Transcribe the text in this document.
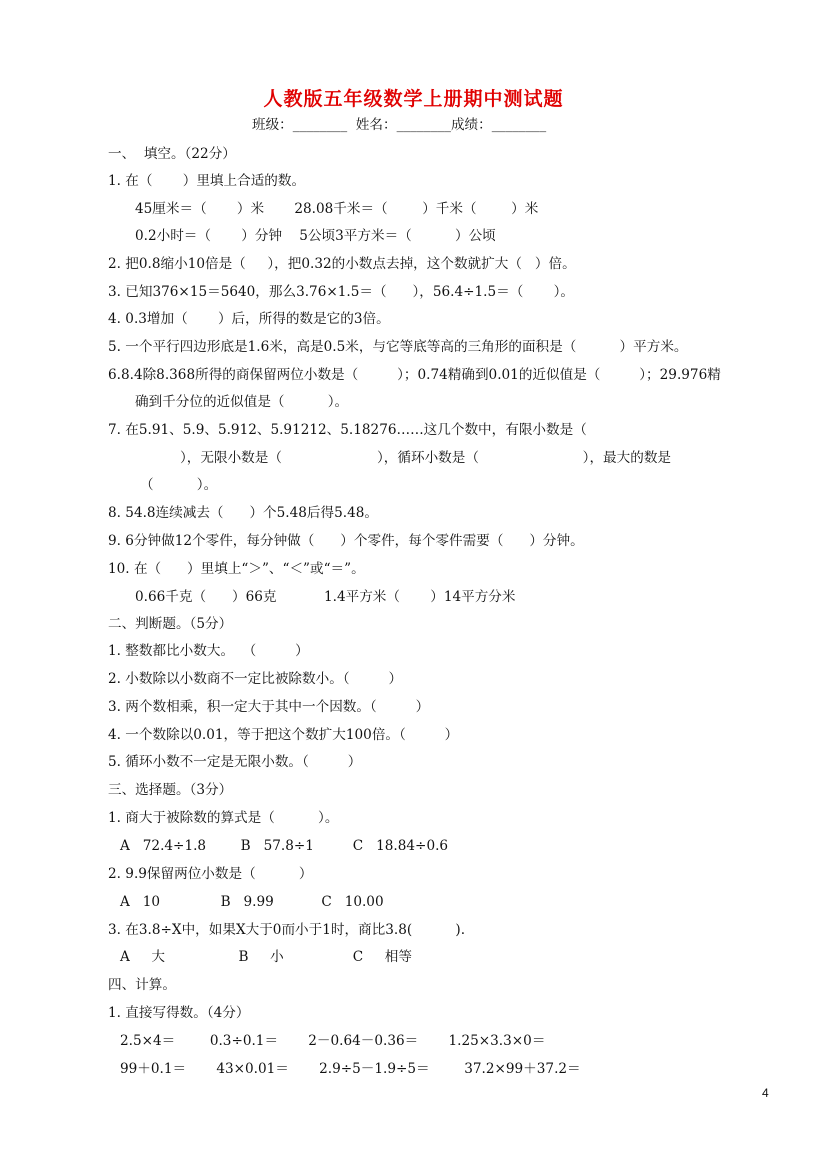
人教版五年级数学上册期中测试题
班级：________  姓名：________成绩：________
一、  填空。（22分）
1. 在（       ）里填上合适的数。
45厘米＝（       ）米       28.08千米＝（        ）千米（        ）米
0.2小时＝（       ）分钟    5公顷3平方米＝（          ）公顷
2. 把0.8缩小10倍是（     ），把0.32的小数点去掉，这个数就扩大（   ）倍。
3. 已知376×15＝5640，那么3.76×1.5＝（      ），56.4÷1.5＝（       ）。
4. 0.3增加（       ）后，所得的数是它的3倍。
5. 一个平行四边形底是1.6米，高是0.5米，与它等底等高的三角形的面积是（          ）平方米。
6.8.4除8.368所得的商保留两位小数是（         ）；0.74精确到0.01的近似值是（         ）；29.976精
确到千分位的近似值是（          ）。
7. 在5.91、5.9、5.912、5.91212、5.18276……这几个数中，有限小数是（
），无限小数是（                      ），循环小数是（                        ），最大的数是
（          ）。
8. 54.8连续减去（      ）个5.48后得5.48。
9. 6分钟做12个零件，每分钟做（      ）个零件，每个零件需要（      ）分钟。
10. 在（      ）里填上“＞”、“＜”或“＝”。
0.66千克（      ）66克           1.4平方米（       ）14平方分米
二、判断题。（5分）
1. 整数都比小数大。  （         ）
2. 小数除以小数商不一定比被除数小。（         ）
3. 两个数相乘，积一定大于其中一个因数。（         ）
4. 一个数除以0.01，等于把这个数扩大100倍。（         ）
5. 循环小数不一定是无限小数。（         ）
三、选择题。（3分）
1. 商大于被除数的算式是（          ）。
A   72.4÷1.8        B   57.8÷1         C   18.84÷0.6
2. 9.9保留两位小数是（          ）
A   10              B   9.99           C   10.00
3. 在3.8÷X中，如果X大于0而小于1时，商比3.8(          ).
A     大                 B     小                C     相等
四、计算。
1. 直接写得数。（4分）
2.5×4＝        0.3÷0.1＝       2－0.64－0.36＝       1.25×3.3×0＝
99＋0.1＝       43×0.01＝       2.9÷5－1.9÷5＝        37.2×99＋37.2＝
4
